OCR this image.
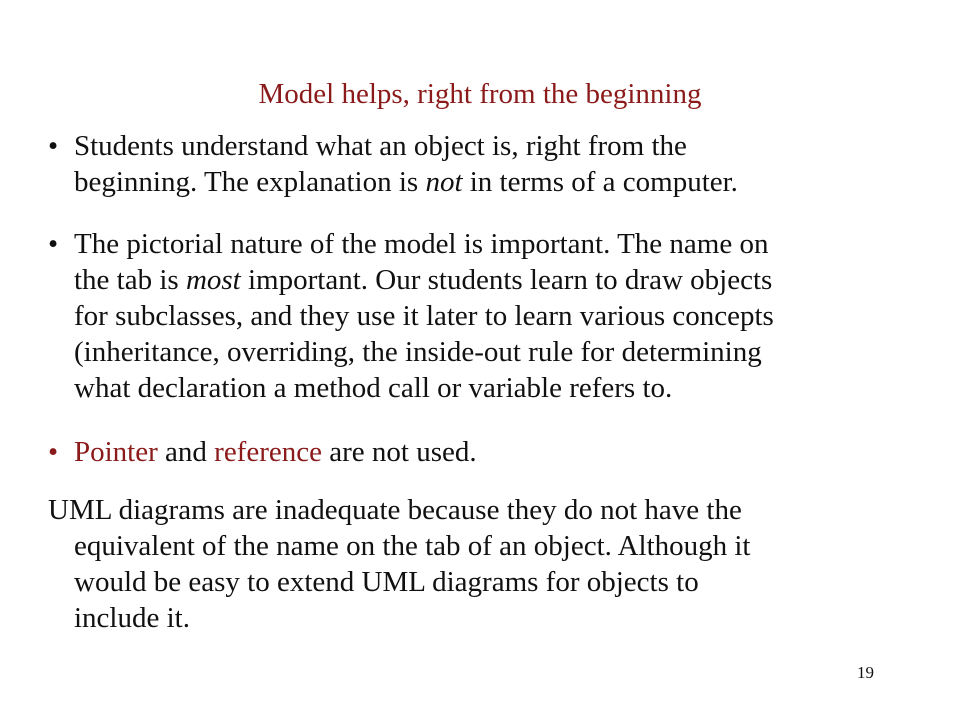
Model helps, right from the beginning
• Students understand what an object is, right from the
beginning. The explanation is not in terms of a computer.
• The pictorial nature of the model is important. The name on
the tab is most important. Our students learn to draw objects
for subclasses, and they use it later to learn various concepts
(inheritance, overriding, the inside-out rule for determining
what declaration a method call or variable refers to.
• Pointer and reference are not used.
UML diagrams are inadequate because they do not have the
equivalent of the name on the tab of an object. Although it
would be easy to extend UML diagrams for objects to
include it.
19
